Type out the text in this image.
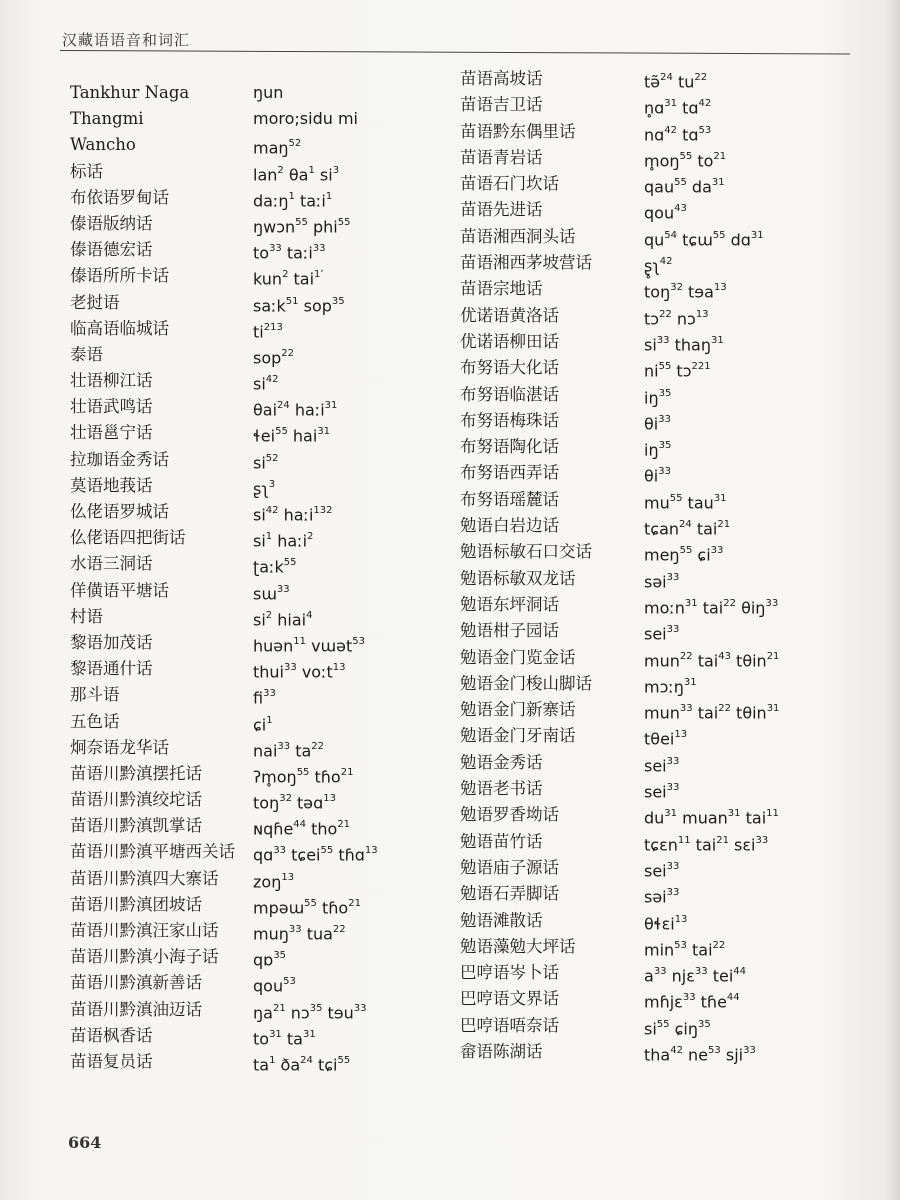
汉藏语语音和词汇
Tankhur Naga	ŋun
Thangmi	moro;sidu mi
Wancho	maŋ$^{52}$
标话	lan$^2$ $\theta a^1$ $si^3$
布依语罗甸话	daːŋ$^1$ taːi$^1$
傣语版纳话	ŋwɔn$^{55}$ phi$^{55}$
傣语德宏话	$to^{33}$ taːi$^{33}$
傣语所所卡话	kun$^2$ tai$^{1ʼ}$
老挝语	saːk$^{51}$ sop$^{35}$
临高语临城话	$ti^{213}$
泰语	sop$^{22}$
壮语柳江话	$si^{42}$
壮语武鸣话	θai$^{24}$ haːi$^{31}$
壮语邕宁话	ɬei$^{55}$ hai$^{31}$
拉珈语金秀话	$si^{52}$
莫语地莪话	ʂʅ$^3$
仫佬语罗城话	$si^{42}$ haːi$^{132}$
仫佬语四把街话	$si^1$ haːi$^2$
水语三洞话	ʈaːk$^{55}$
佯僙语平塘话	sɯ$^{33}$
村语	$si^2$ hiai$^4$
黎语加茂话	huən$^{11}$ vɯət$^{53}$
黎语通什话	thui$^{33}$ voːt$^{13}$
那斗语	$fi^{33}$
五色话	ɕi$^1$
炯奈语龙华话	nai$^{33}$ $ta^{22}$
苗语川黔滇摆托话	$ʔm̥oŋ^{55}$ tɦo$^{21}$
苗语川黔滇绞坨话	toŋ$^{32}$ təɑ$^{13}$
苗语川黔滇凯掌话	ɴqɦe$^{44}$ tho$^{21}$
苗语川黔滇平塘西关话 qɑ$^{33}$ tɕei$^{55}$ tɦɑ$^{13}$
苗语川黔滇四大寨话 zoŋ$^{13}$
苗语川黔滇团坡话	mpəɯ$^{55}$ tɦo$^{21}$
苗语川黔滇汪家山话 muŋ$^{33}$ tua$^{22}$
苗语川黔滇小海子话 qɒ$^{35}$
苗语川黔滇新善话	qou$^{53}$
苗语川黔滇油迈话	$ŋa^{21}$ nɔ$^{35}$ tɘu$^{33}$
苗语枫香话	$to^{31}$ $ta^{31}$
苗语复员话	$ta^1$ $ða^{24}$ tɕi$^{55}$
苗语高坡话	tə̃$^{24}$ $tu^{22}$
苗语吉卫话	n̥ɑ$^{31}$ tɑ$^{42}$
苗语黔东偶里话	nɑ$^{42}$ tɑ$^{53}$
苗语青岩话	$m̥oŋ^{55}$ $to^{21}$
苗语石门坎话	qau$^{55}$ $da^{31}$
苗语先进话	qou$^{43}$
苗语湘西洞头话	$qu^{54}$ tɕɯ$^{55}$ dɑ$^{31}$
苗语湘西茅坡营话	ʂ̥ʅ$^{42}$
苗语宗地话	toŋ$^{32}$ tɘa$^{13}$
优诺语黄洛话	tɔ$^{22}$ nɔ$^{13}$
优诺语柳田话	$si^{33}$ thaŋ$^{31}$
布努语大化话	$ni^{55}$ tɔ$^{221}$
布努语临湛话	$iŋ^{35}$
布努语梅珠话	$\theta i^{33}$
布努语陶化话	$iŋ^{35}$
布努语西弄话	$\theta i^{33}$
布努语瑶麓话	$mu^{55}$ tau$^{31}$
勉语白岩边话	tɕan$^{24}$ tai$^{21}$
勉语标敏石口交话	meŋ$^{55}$ ɕi$^{33}$
勉语标敏双龙话	səi$^{33}$
勉语东坪洞话	moːn$^{31}$ tai$^{22}$ θiŋ$^{33}$
勉语柑子园话	sei$^{33}$
勉语金门览金话	mun$^{22}$ tai$^{43}$ tθin$^{21}$
勉语金门梭山脚话	mɔːŋ$^{31}$
勉语金门新寨话	mun$^{33}$ tai$^{22}$ tθin$^{31}$
勉语金门牙南话	tθei$^{13}$
勉语金秀话	sei$^{33}$
勉语老书话	sei$^{33}$
勉语罗香坳话	$du^{31}$ muan$^{31}$ tai$^{11}$
勉语苗竹话	tɕɛn$^{11}$ tai$^{21}$ sɛi$^{33}$
勉语庙子源话	sei$^{33}$
勉语石弄脚话	səi$^{33}$
勉语滩散话	θɬɛi$^{13}$
勉语藻勉大坪话	$\min^{53} tai^{22}$
巴哼语岑卜话	$a^{33}$ njɛ$^{33}$ tei$^{44}$
巴哼语文界话	mɦjɛ$^{33}$ tɦe$^{44}$
巴哼语唔奈话	$si^{55}$ ɕiŋ$^{35}$
畲语陈湖话	tha$^{42}$ $ne^{53}$ sji$^{33}$
664
